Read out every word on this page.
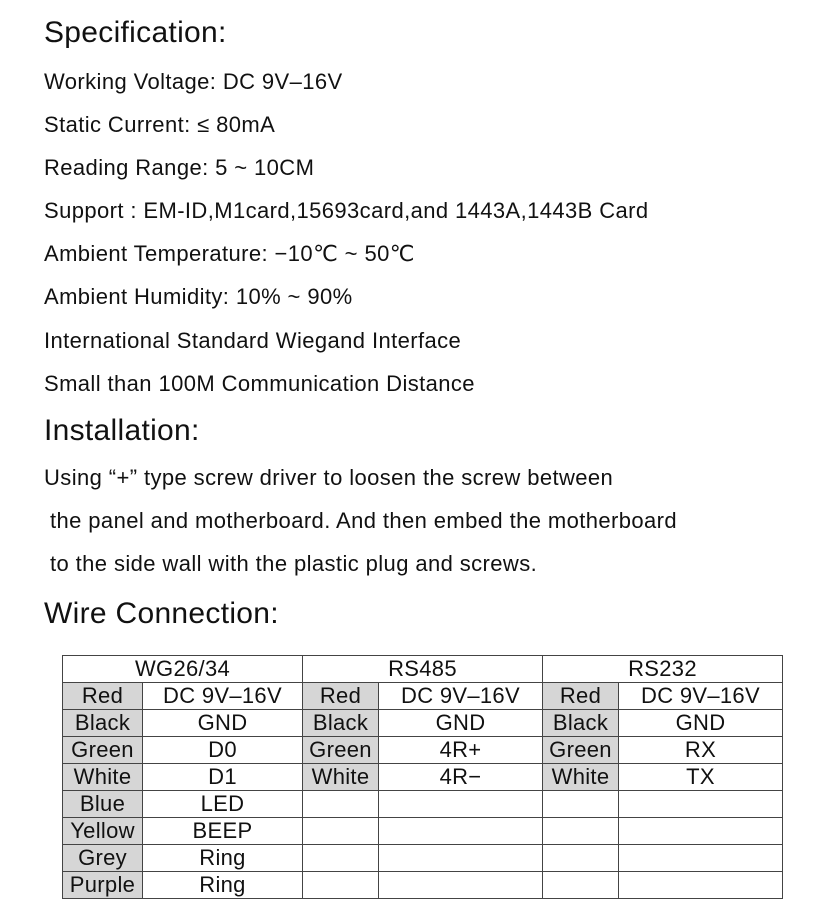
Specification:
Working Voltage: DC 9V–16V
Static Current: ≤ 80mA
Reading Range: 5 ~ 10CM
Support : EM-ID,M1card,15693card,and 1443A,1443B Card
Ambient Temperature: −10℃ ~ 50℃
Ambient Humidity: 10% ~ 90%
International Standard Wiegand Interface
Small than 100M Communication Distance
Installation:
Using “+” type screw driver to loosen the screw between
the panel and motherboard. And then embed the motherboard
to the side wall with the plastic plug and screws.
Wire Connection:
WG26/34		RS485		RS232	
Red	DC 9V–16V	Red	DC 9V–16V	Red	DC 9V–16V
Black	GND	Black	GND	Black	GND
Green	D0	Green	4R+	Green	RX
White	D1	White	4R−	White	TX
Blue	LED				
Yellow	BEEP				
Grey	Ring				
Purple	Ring				
